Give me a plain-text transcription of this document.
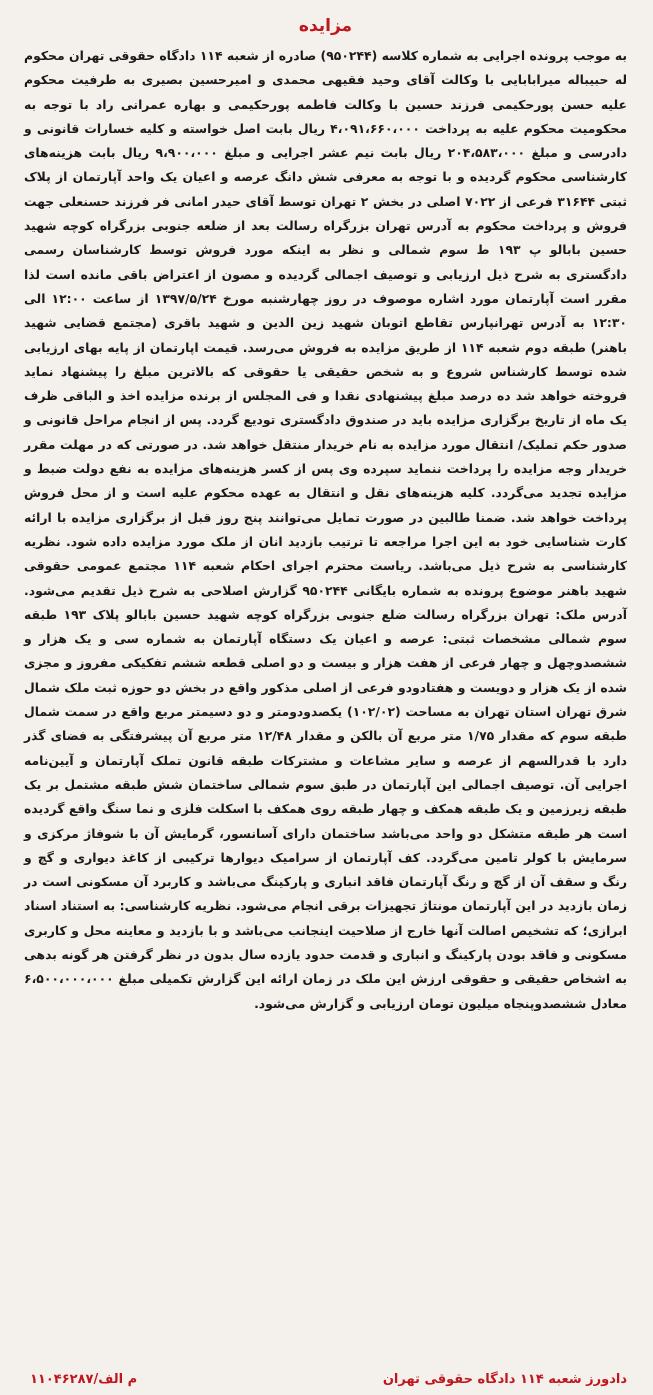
مزایده

به موجب پرونده اجرایی به شماره کلاسه (۹۵۰۲۴۴) صادره از شعبه ۱۱۴ دادگاه حقوقی تهران محکوم له حبیباله میرابابایی با وکالت آقای وحید فقیهی محمدی و امیرحسین بصیری به طرفیت محکوم علیه حسن پورحکیمی فرزند حسین با وکالت فاطمه پورحکیمی و بهاره عمرانی راد با توجه به محکومیت محکوم علیه به پرداخت ۴،۰۹۱،۶۶۰،۰۰۰ ریال بابت اصل خواسته و کلیه خسارات قانونی و دادرسی و مبلغ ۲۰۴،۵۸۳،۰۰۰ ریال بابت نیم عشر اجرایی و مبلغ ۹،۹۰۰،۰۰۰ ریال بابت هزینه‌های کارشناسی محکوم گردیده و با توجه به معرفی شش دانگ عرصه و اعیان یک واحد آپارتمان از پلاک ثبتی ۳۱۶۴۴ فرعی از ۷۰۲۲ اصلی در بخش ۲ تهران توسط آقای حیدر امانی فر فرزند حسنعلی جهت فروش و پرداخت محکوم به آدرس تهران بزرگراه رسالت بعد از ضلعه جنوبی بزرگراه کوچه شهید حسین بابالو پ ۱۹۳ ط سوم شمالی و نظر به اینکه مورد فروش توسط کارشناسان رسمی دادگستری به شرح ذیل ارزیابی و توصیف اجمالی گردیده و مصون از اعتراض باقی مانده است لذا مقرر است آپارتمان مورد اشاره موصوف در روز چهارشنبه مورخ ۱۳۹۷/۵/۲۴ از ساعت ۱۲:۰۰ الی ۱۲:۳۰ به آدرس تهرانپارس تقاطع اتوبان شهید زین الدین و شهید باقری (مجتمع قضایی شهید باهنر) طبقه دوم شعبه ۱۱۴ از طریق مزایده به فروش می‌رسد. قیمت اپارتمان از پایه بهای ارزیابی شده توسط کارشناس شروع و به شخص حقیقی یا حقوقی که بالاترین مبلغ را پیشنهاد نماید فروخته خواهد شد ده درصد مبلغ پیشنهادی نقدا و فی المجلس از برنده مزایده اخذ و الباقی ظرف یک ماه از تاریخ برگزاری مزایده باید در صندوق دادگستری تودیع گردد. پس از انجام مراحل قانونی و صدور حکم تملیک/ انتقال مورد مزایده به نام خریدار منتقل خواهد شد. در صورتی که در مهلت مقرر خریدار وجه مزایده را پرداخت ننماید سپرده وی پس از کسر هزینه‌های مزایده به نفع دولت ضبط و مزایده تجدید می‌گردد. کلیه هزینه‌های نقل و انتقال به عهده محکوم علیه است و از محل فروش پرداخت خواهد شد. ضمنا طالبین در صورت تمایل می‌توانند پنج روز قبل از برگزاری مزایده با ارائه کارت شناسایی خود به این اجرا مراجعه تا ترتیب بازدید انان از ملک مورد مزایده داده شود. نظریه کارشناسی به شرح ذیل می‌باشد. ریاست محترم اجرای احکام شعبه ۱۱۴ مجتمع عمومی حقوقی شهید باهنر موضوع پرونده به شماره بایگانی ۹۵۰۲۴۴ گزارش اصلاحی به شرح ذیل تقدیم می‌شود. آدرس ملک: تهران بزرگراه رسالت ضلع جنوبی بزرگراه کوچه شهید حسین بابالو پلاک ۱۹۳ طبقه سوم شمالی مشخصات ثبتی: عرصه و اعیان یک دستگاه آپارتمان به شماره سی و یک هزار و ششصدوچهل و چهار فرعی از هفت هزار و بیست و دو اصلی قطعه ششم تفکیکی مفروز و مجزی شده از یک هزار و دویست و هفتادودو فرعی از اصلی مذکور واقع در بخش دو حوزه ثبت ملک شمال شرق تهران استان تهران به مساحت (۱۰۲/۰۲) یکصدودومتر و دو دسیمتر مربع واقع در سمت شمال طبقه سوم که مقدار ۱/۷۵ متر مربع آن بالکن و مقدار ۱۲/۴۸ متر مربع آن پیشرفتگی به فضای گذر دارد با قدرالسهم از عرصه و سایر مشاعات و مشترکات طبقه قانون تملک آپارتمان و آیین‌نامه اجرایی آن. توصیف اجمالی این آپارتمان در طبق سوم شمالی ساختمان شش طبقه مشتمل بر یک طبقه زیرزمین و یک طبقه همکف و چهار طبقه روی همکف با اسکلت فلزی و نما سنگ واقع گردیده است هر طبقه متشکل دو واحد می‌باشد ساختمان دارای آسانسور، گرمایش آن با شوفاژ مرکزی و سرمایش با کولر تامین می‌گردد. کف آپارتمان از سرامیک دیوارها ترکیبی از کاغذ دیواری و گچ و رنگ و سقف آن از گچ و رنگ آپارتمان فاقد انباری و پارکینگ می‌باشد و کاربرد آن مسکونی است در زمان بازدید در این آپارتمان مونتاژ تجهیزات برقی انجام می‌شود. نظریه کارشناسی: به استناد اسناد ابرازی؛ که تشخیص اصالت آنها خارج از صلاحیت اینجانب می‌باشد و با بازدید و معاینه محل و کاربری مسکونی و فاقد بودن پارکینگ و انباری و قدمت حدود یازده سال بدون در نظر گرفتن هر گونه بدهی به اشخاص حقیقی و حقوقی ارزش این ملک در زمان ارائه این گزارش تکمیلی مبلغ ۶،۵۰۰،۰۰۰،۰۰۰ معادل ششصدوپنجاه میلیون تومان ارزیابی و گزارش می‌شود.

دادورز شعبه ۱۱۴ دادگاه حقوقی تهران
م الف/۱۱۰۴۶۲۸۷
